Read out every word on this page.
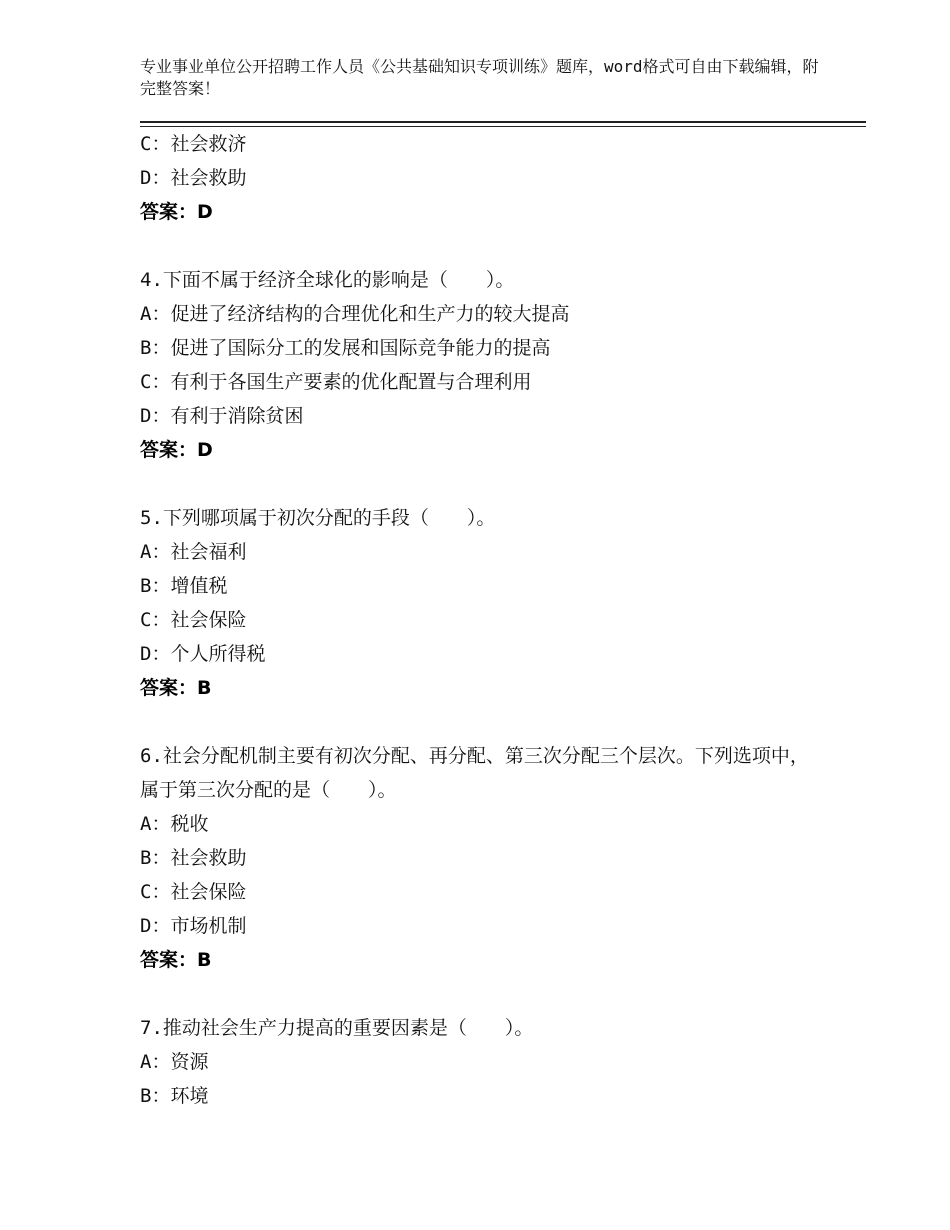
专业事业单位公开招聘工作人员《公共基础知识专项训练》题库，word格式可自由下载编辑，附完整答案！
C：社会救济
D：社会救助
答案：D
4.下面不属于经济全球化的影响是（　　）。
A：促进了经济结构的合理优化和生产力的较大提高
B：促进了国际分工的发展和国际竞争能力的提高
C：有利于各国生产要素的优化配置与合理利用
D：有利于消除贫困
答案：D
5.下列哪项属于初次分配的手段（　　）。
A：社会福利
B：增值税
C：社会保险
D：个人所得税
答案：B
6.社会分配机制主要有初次分配、再分配、第三次分配三个层次。下列选项中，属于第三次分配的是（　　）。
A：税收
B：社会救助
C：社会保险
D：市场机制
答案：B
7.推动社会生产力提高的重要因素是（　　）。
A：资源
B：环境
